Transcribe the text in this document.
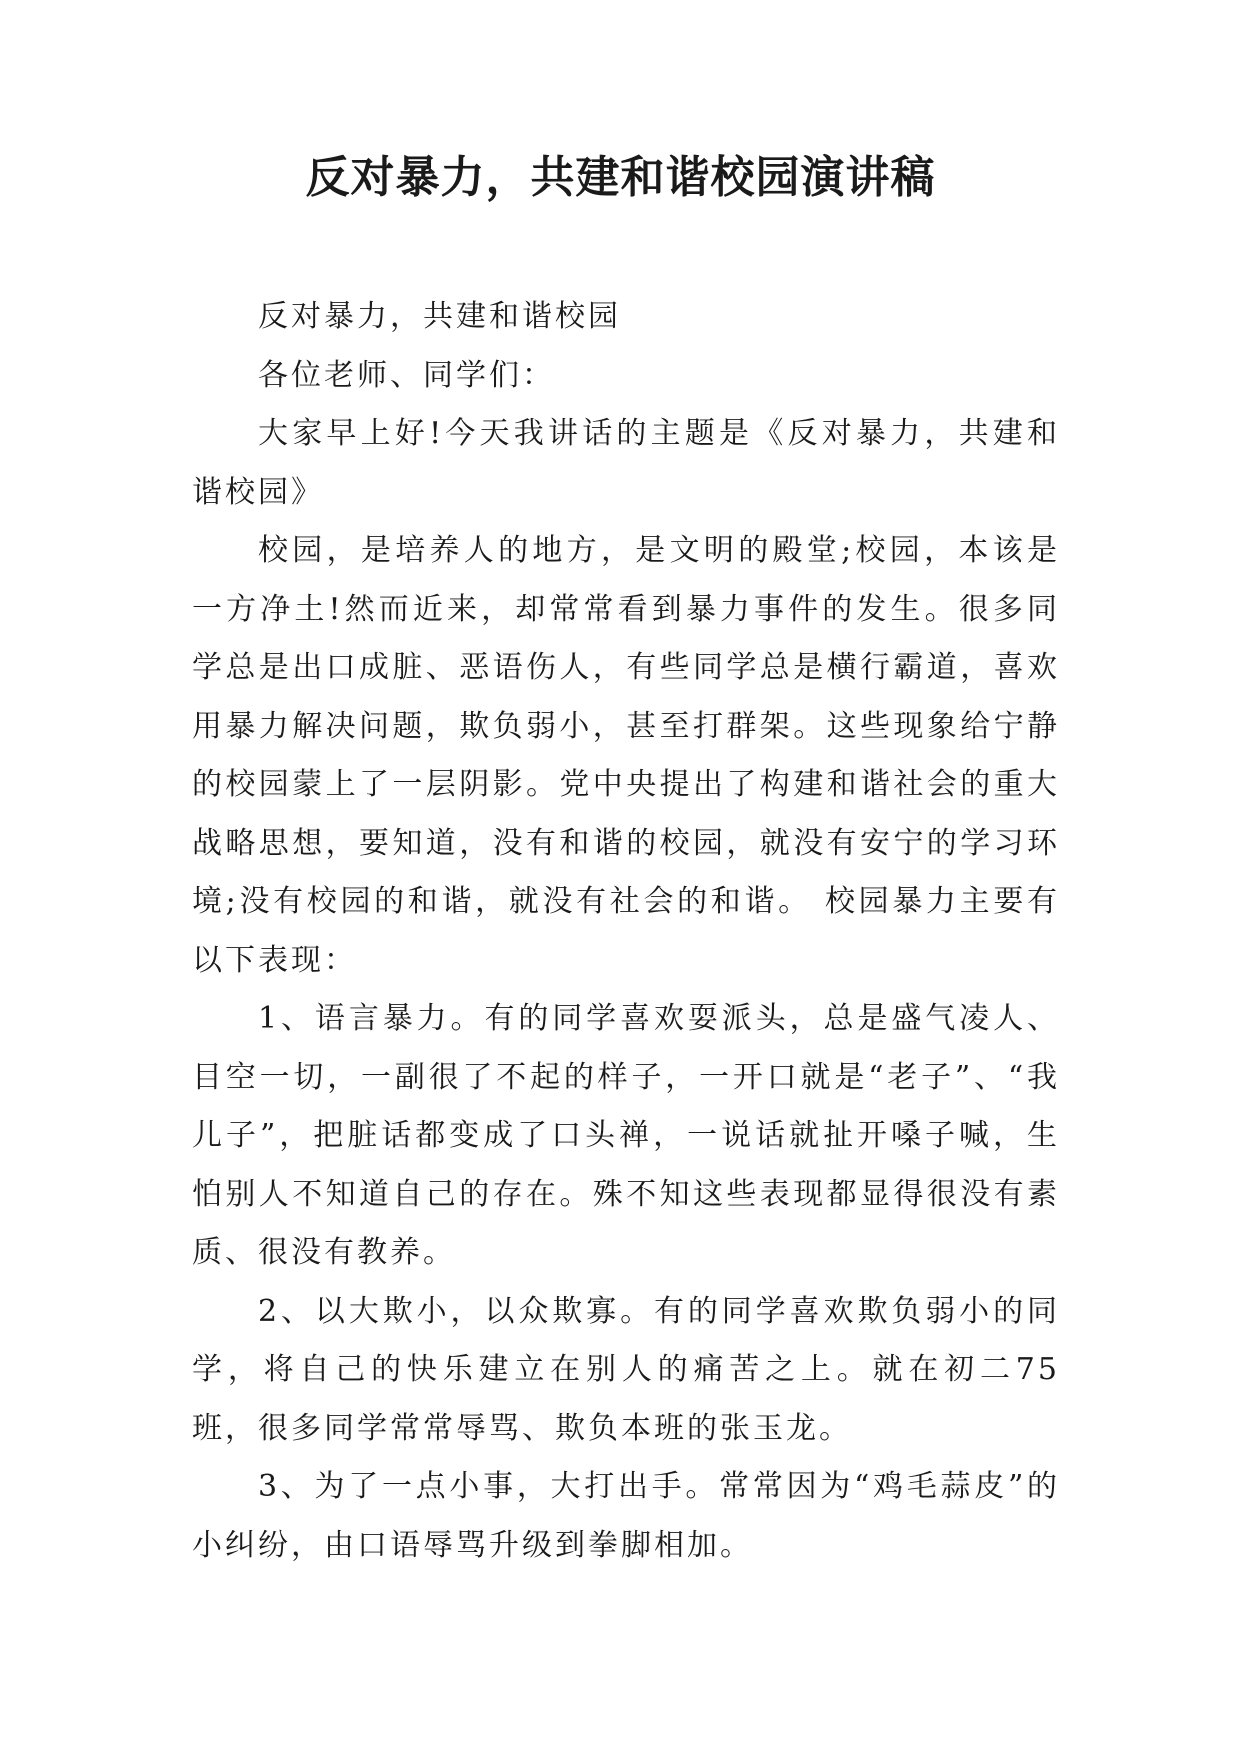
反对暴力，共建和谐校园演讲稿

反对暴力，共建和谐校园

各位老师、同学们：

大家早上好!今天我讲话的主题是《反对暴力，共建和谐校园》

校园，是培养人的地方，是文明的殿堂;校园，本该是一方净土!然而近来，却常常看到暴力事件的发生。很多同学总是出口成脏、恶语伤人，有些同学总是横行霸道，喜欢用暴力解决问题，欺负弱小，甚至打群架。这些现象给宁静的校园蒙上了一层阴影。党中央提出了构建和谐社会的重大战略思想，要知道，没有和谐的校园，就没有安宁的学习环境;没有校园的和谐，就没有社会的和谐。 校园暴力主要有以下表现：

1、语言暴力。有的同学喜欢耍派头，总是盛气凌人、目空一切，一副很了不起的样子，一开口就是“老子”、“我儿子”，把脏话都变成了口头禅，一说话就扯开嗓子喊，生怕别人不知道自己的存在。殊不知这些表现都显得很没有素质、很没有教养。

2、以大欺小，以众欺寡。有的同学喜欢欺负弱小的同学，将自己的快乐建立在别人的痛苦之上。就在初二75班，很多同学常常辱骂、欺负本班的张玉龙。

3、为了一点小事，大打出手。常常因为“鸡毛蒜皮”的小纠纷，由口语辱骂升级到拳脚相加。
